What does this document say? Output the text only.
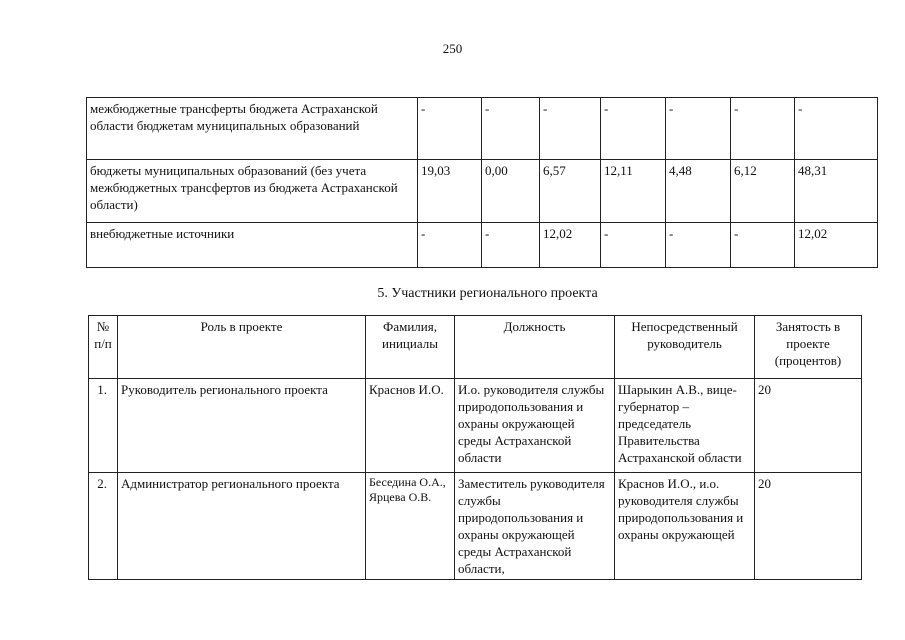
250
межбюджетные трансферты бюджета Астраханской области бюджетам муниципальных образований	-	-	-	-	-	-	-
бюджеты муниципальных образований (без учета межбюджетных трансфертов из бюджета Астраханской области)	19,03	0,00	6,57	12,11	4,48	6,12	48,31
внебюджетные источники	-	-	12,02	-	-	-	12,02
5. Участники регионального проекта
№ п/п	Роль в проекте	Фамилия, инициалы	Должность	Непосредственный руководитель	Занятость в проекте (процентов)
1.	Руководитель регионального проекта	Краснов И.О.	И.о. руководителя службы природопользования и охраны окружающей среды Астраханской области	Шарыкин А.В., вице-губернатор – председатель Правительства Астраханской области	20
2.	Администратор регионального проекта	Беседина О.А., Ярцева О.В.	Заместитель руководителя службы природопользования и охраны окружающей среды Астраханской области,	Краснов И.О., и.о. руководителя службы природопользования и охраны окружающей	20
